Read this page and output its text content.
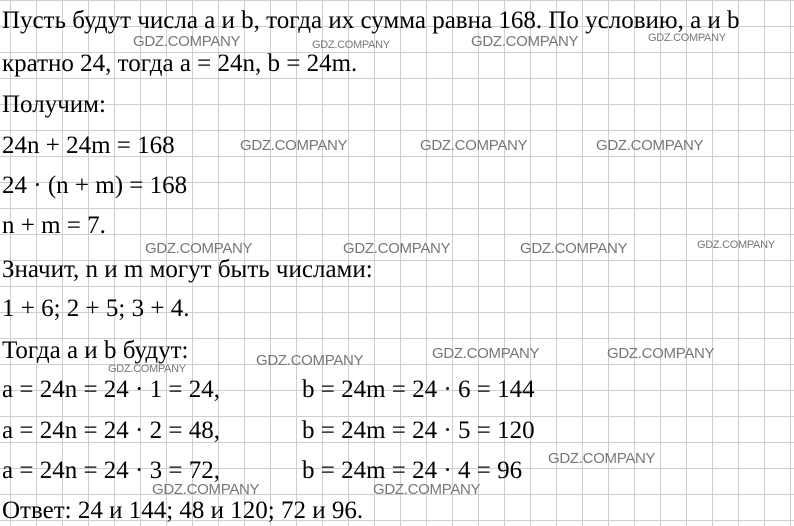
Пусть будут числа a и b, тогда их сумма равна 168. По условию, a и b
кратно 24, тогда a = 24n, b = 24m.
Получим:
24n + 24m = 168
24 · (n + m) = 168
n + m = 7.
Значит, n и m могут быть числами:
1 + 6; 2 + 5; 3 + 4.
Тогда a и b будут:
a = 24n = 24 · 1 = 24,	b = 24m = 24 · 6 = 144
a = 24n = 24 · 2 = 48,	b = 24m = 24 · 5 = 120
a = 24n = 24 · 3 = 72,	b = 24m = 24 · 4 = 96
Ответ: 24 и 144; 48 и 120; 72 и 96.
GDZ.COMPANY	GDZ.COMPANY	GDZ.COMPANY	GDZ.COMPANY
GDZ.COMPANY	GDZ.COMPANY	GDZ.COMPANY
GDZ.COMPANY	GDZ.COMPANY	GDZ.COMPANY	GDZ.COMPANY
GDZ.COMPANY
GDZ.COMPANY
GDZ.COMPANY	GDZ.COMPANY
GDZ.COMPANY
GDZ.COMPANY	GDZ.COMPANY
